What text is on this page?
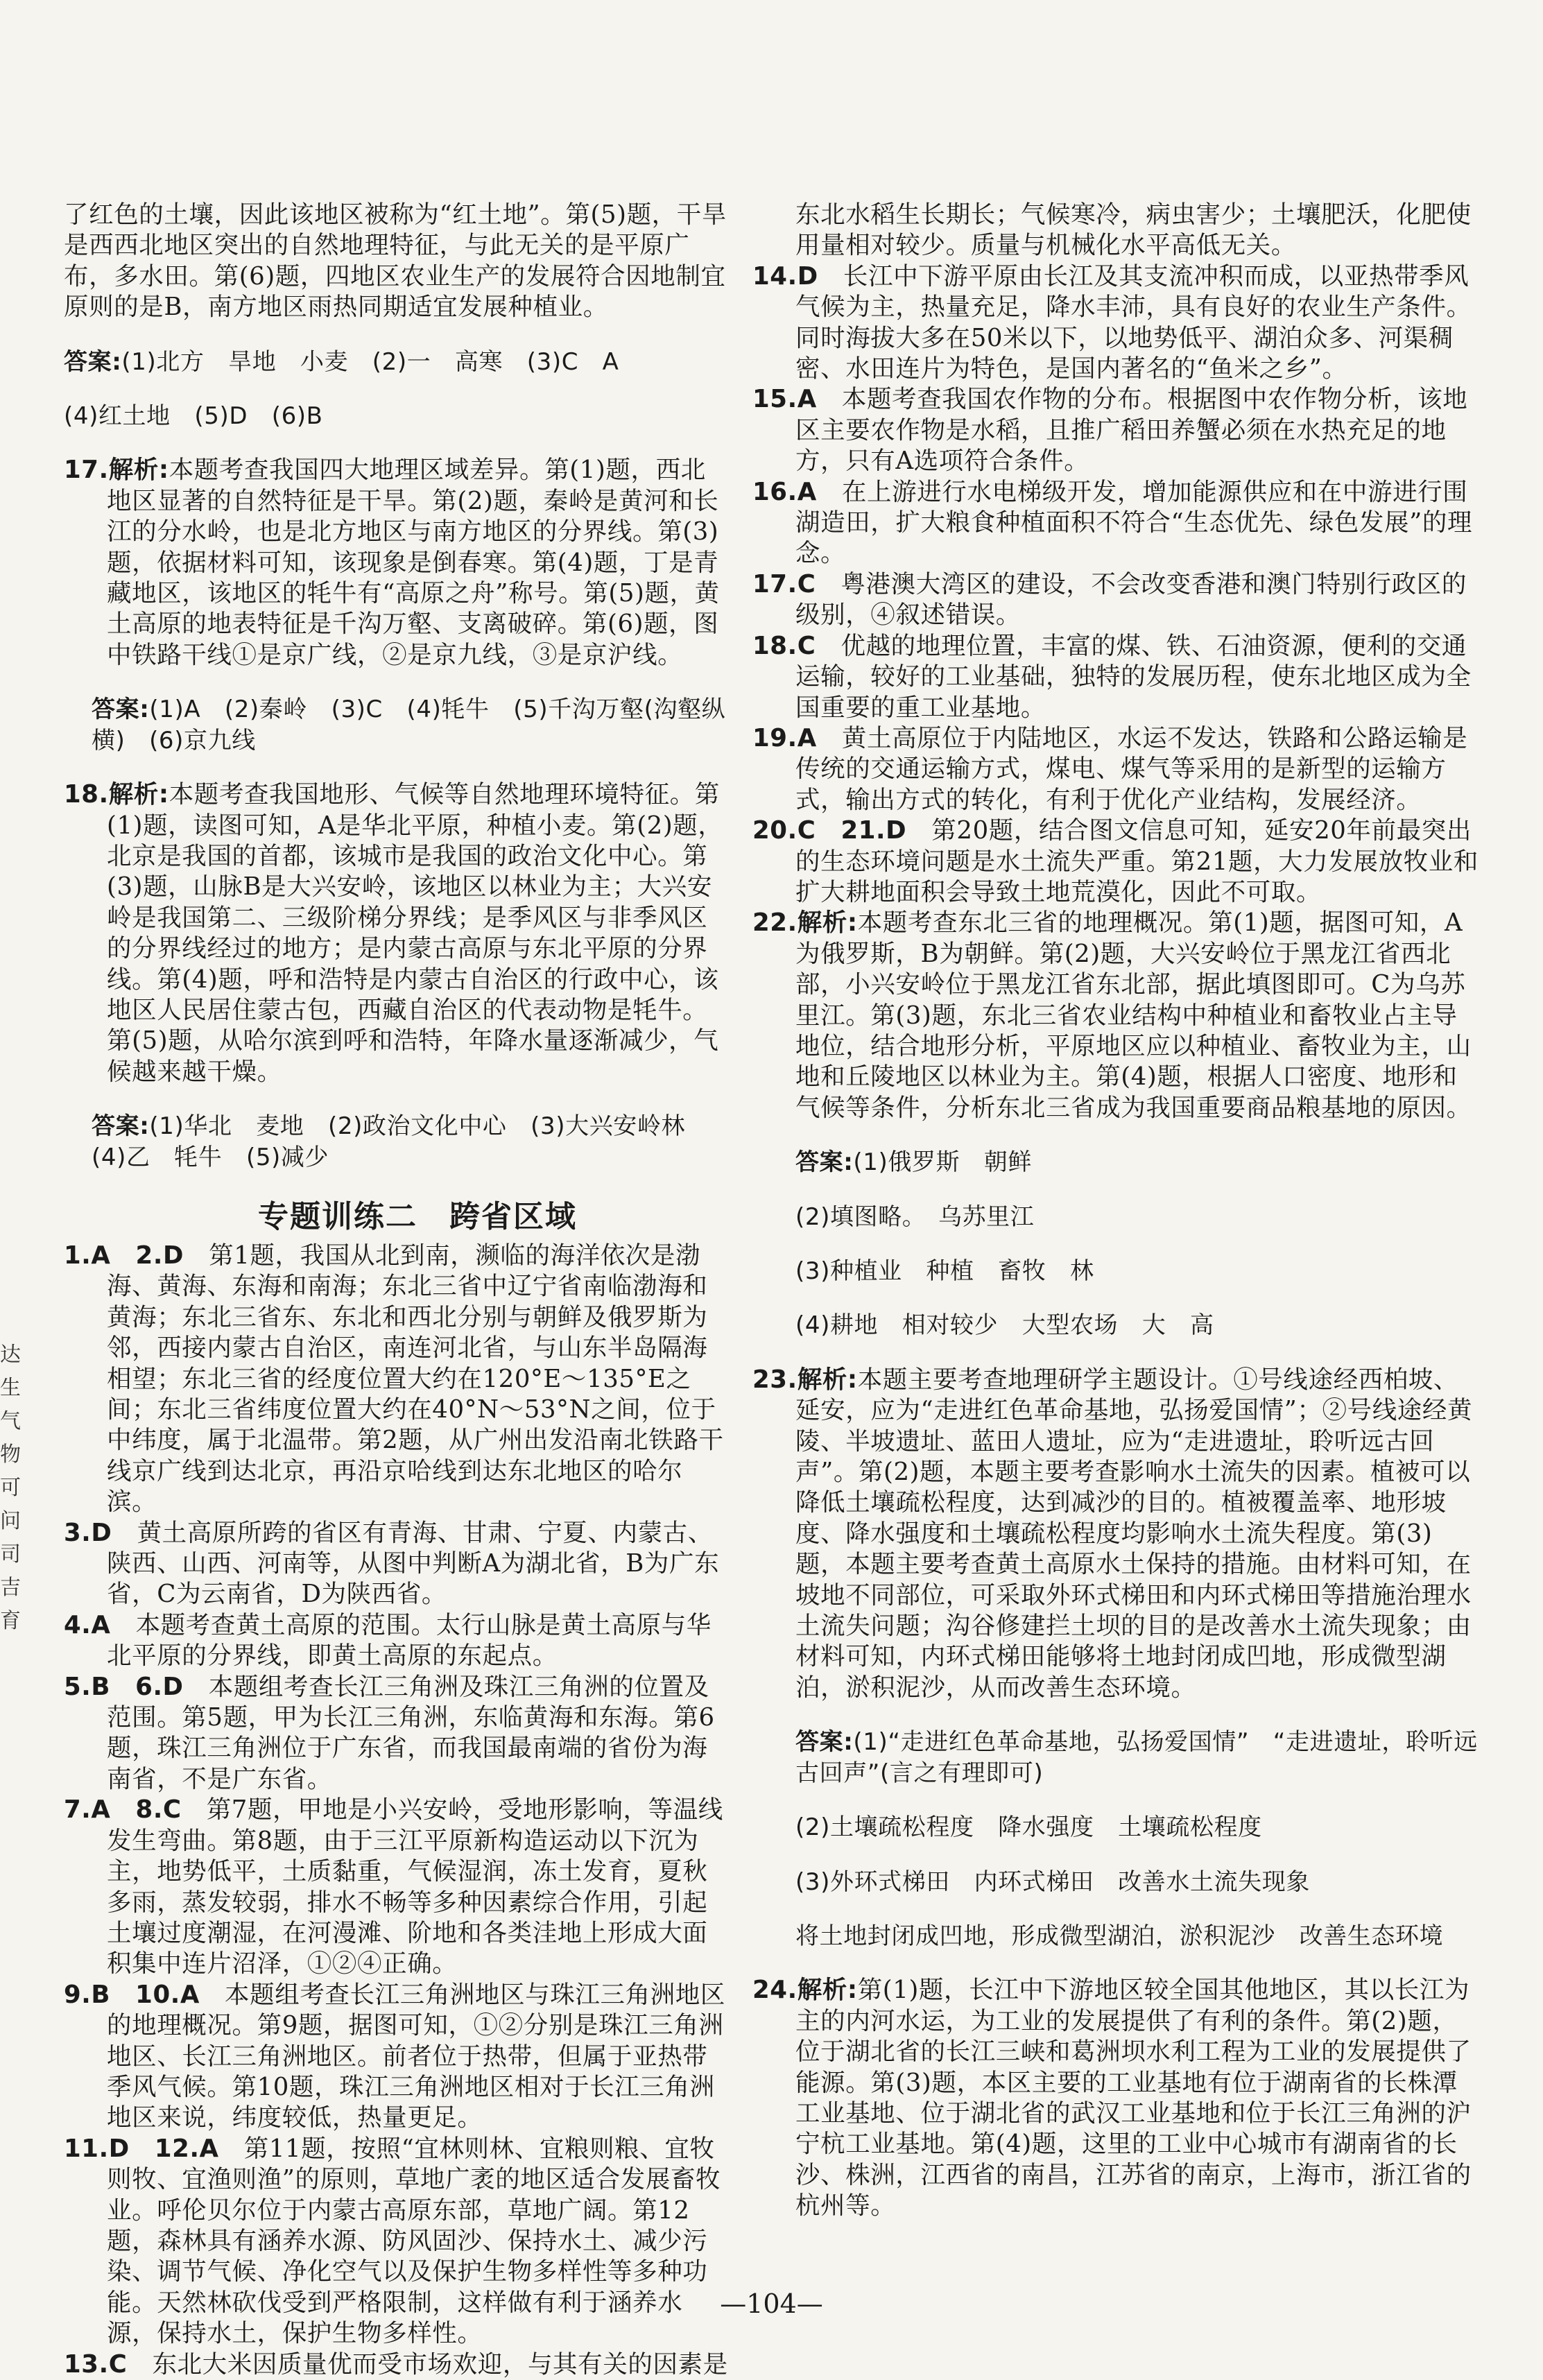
了红色的土壤，因此该地区被称为“红土地”。第(5)题，干旱是西西北地区突出的自然地理特征，与此无关的是平原广布，多水田。第(6)题，四地区农业生产的发展符合因地制宜原则的是B，南方地区雨热同期适宜发展种植业。

答案:(1)北方　旱地　小麦　(2)一　高寒　(3)C　A

(4)红土地　(5)D　(6)B

17.解析:本题考查我国四大地理区域差异。第(1)题，西北地区显著的自然特征是干旱。第(2)题，秦岭是黄河和长江的分水岭，也是北方地区与南方地区的分界线。第(3)题，依据材料可知，该现象是倒春寒。第(4)题，丁是青藏地区，该地区的牦牛有“高原之舟”称号。第(5)题，黄土高原的地表特征是千沟万壑、支离破碎。第(6)题，图中铁路干线①是京广线，②是京九线，③是京沪线。

答案:(1)A　(2)秦岭　(3)C　(4)牦牛　(5)千沟万壑(沟壑纵横)　(6)京九线

18.解析:本题考查我国地形、气候等自然地理环境特征。第(1)题，读图可知，A是华北平原，种植小麦。第(2)题，北京是我国的首都，该城市是我国的政治文化中心。第(3)题，山脉B是大兴安岭，该地区以林业为主；大兴安岭是我国第二、三级阶梯分界线；是季风区与非季风区的分界线经过的地方；是内蒙古高原与东北平原的分界线。第(4)题，呼和浩特是内蒙古自治区的行政中心，该地区人民居住蒙古包，西藏自治区的代表动物是牦牛。第(5)题，从哈尔滨到呼和浩特，年降水量逐渐减少，气候越来越干燥。

答案:(1)华北　麦地　(2)政治文化中心　(3)大兴安岭林　(4)乙　牦牛　(5)减少

专题训练二　跨省区域

1.A　2.D　第1题，我国从北到南，濒临的海洋依次是渤海、黄海、东海和南海；东北三省中辽宁省南临渤海和黄海；东北三省东、东北和西北分别与朝鲜及俄罗斯为邻，西接内蒙古自治区，南连河北省，与山东半岛隔海相望；东北三省的经度位置大约在120°E～135°E之间；东北三省纬度位置大约在40°N～53°N之间，位于中纬度，属于北温带。第2题，从广州出发沿南北铁路干线京广线到达北京，再沿京哈线到达东北地区的哈尔滨。

3.D　黄土高原所跨的省区有青海、甘肃、宁夏、内蒙古、陕西、山西、河南等，从图中判断A为湖北省，B为广东省，C为云南省，D为陕西省。

4.A　本题考查黄土高原的范围。太行山脉是黄土高原与华北平原的分界线，即黄土高原的东起点。

5.B　6.D　本题组考查长江三角洲及珠江三角洲的位置及范围。第5题，甲为长江三角洲，东临黄海和东海。第6题，珠江三角洲位于广东省，而我国最南端的省份为海南省，不是广东省。

7.A　8.C　第7题，甲地是小兴安岭，受地形影响，等温线发生弯曲。第8题，由于三江平原新构造运动以下沉为主，地势低平，土质黏重，气候湿润，冻土发育，夏秋多雨，蒸发较弱，排水不畅等多种因素综合作用，引起土壤过度潮湿，在河漫滩、阶地和各类洼地上形成大面积集中连片沼泽，①②④正确。

9.B　10.A　本题组考查长江三角洲地区与珠江三角洲地区的地理概况。第9题，据图可知，①②分别是珠江三角洲地区、长江三角洲地区。前者位于热带，但属于亚热带季风气候。第10题，珠江三角洲地区相对于长江三角洲地区来说，纬度较低，热量更足。

11.D　12.A　第11题，按照“宜林则林、宜粮则粮、宜牧则牧、宜渔则渔”的原则，草地广袤的地区适合发展畜牧业。呼伦贝尔位于内蒙古高原东部，草地广阔。第12题，森林具有涵养水源、防风固沙、保持水土、减少污染、调节气候、净化空气以及保护生物多样性等多种功能。天然林砍伐受到严格限制，这样做有利于涵养水源，保持水土，保护生物多样性。

13.C　东北大米因质量优而受市场欢迎，与其有关的因素是

东北水稻生长期长；气候寒冷，病虫害少；土壤肥沃，化肥使用量相对较少。质量与机械化水平高低无关。

14.D　长江中下游平原由长江及其支流冲积而成，以亚热带季风气候为主，热量充足，降水丰沛，具有良好的农业生产条件。同时海拔大多在50米以下，以地势低平、湖泊众多、河渠稠密、水田连片为特色，是国内著名的“鱼米之乡”。

15.A　本题考查我国农作物的分布。根据图中农作物分析，该地区主要农作物是水稻，且推广稻田养蟹必须在水热充足的地方，只有A选项符合条件。

16.A　在上游进行水电梯级开发，增加能源供应和在中游进行围湖造田，扩大粮食种植面积不符合“生态优先、绿色发展”的理念。

17.C　粤港澳大湾区的建设，不会改变香港和澳门特别行政区的级别，④叙述错误。

18.C　优越的地理位置，丰富的煤、铁、石油资源，便利的交通运输，较好的工业基础，独特的发展历程，使东北地区成为全国重要的重工业基地。

19.A　黄土高原位于内陆地区，水运不发达，铁路和公路运输是传统的交通运输方式，煤电、煤气等采用的是新型的运输方式，输出方式的转化，有利于优化产业结构，发展经济。

20.C　21.D　第20题，结合图文信息可知，延安20年前最突出的生态环境问题是水土流失严重。第21题，大力发展放牧业和扩大耕地面积会导致土地荒漠化，因此不可取。

22.解析:本题考查东北三省的地理概况。第(1)题，据图可知，A为俄罗斯，B为朝鲜。第(2)题，大兴安岭位于黑龙江省西北部，小兴安岭位于黑龙江省东北部，据此填图即可。C为乌苏里江。第(3)题，东北三省农业结构中种植业和畜牧业占主导地位，结合地形分析，平原地区应以种植业、畜牧业为主，山地和丘陵地区以林业为主。第(4)题，根据人口密度、地形和气候等条件，分析东北三省成为我国重要商品粮基地的原因。

答案:(1)俄罗斯　朝鲜

(2)填图略。　乌苏里江

(3)种植业　种植　畜牧　林

(4)耕地　相对较少　大型农场　大　高

23.解析:本题主要考查地理研学主题设计。①号线途经西柏坡、延安，应为“走进红色革命基地，弘扬爱国情”；②号线途经黄陵、半坡遗址、蓝田人遗址，应为“走进遗址，聆听远古回声”。第(2)题，本题主要考查影响水土流失的因素。植被可以降低土壤疏松程度，达到减沙的目的。植被覆盖率、地形坡度、降水强度和土壤疏松程度均影响水土流失程度。第(3)题，本题主要考查黄土高原水土保持的措施。由材料可知，在坡地不同部位，可采取外环式梯田和内环式梯田等措施治理水土流失问题；沟谷修建拦土坝的目的是改善水土流失现象；由材料可知，内环式梯田能够将土地封闭成凹地，形成微型湖泊，淤积泥沙，从而改善生态环境。

答案:(1)“走进红色革命基地，弘扬爱国情”　“走进遗址，聆听远古回声”(言之有理即可)

(2)土壤疏松程度　降水强度　土壤疏松程度

(3)外环式梯田　内环式梯田　改善水土流失现象

将土地封闭成凹地，形成微型湖泊，淤积泥沙　改善生态环境

24.解析:第(1)题，长江中下游地区较全国其他地区，其以长江为主的内河水运，为工业的发展提供了有利的条件。第(2)题，位于湖北省的长江三峡和葛洲坝水利工程为工业的发展提供了能源。第(3)题，本区主要的工业基地有位于湖南省的长株潭工业基地、位于湖北省的武汉工业基地和位于长江三角洲的沪宁杭工业基地。第(4)题，这里的工业中心城市有湖南省的长沙、株洲，江西省的南昌，江苏省的南京，上海市，浙江省的杭州等。

达生气物可问司吉育
—104—
